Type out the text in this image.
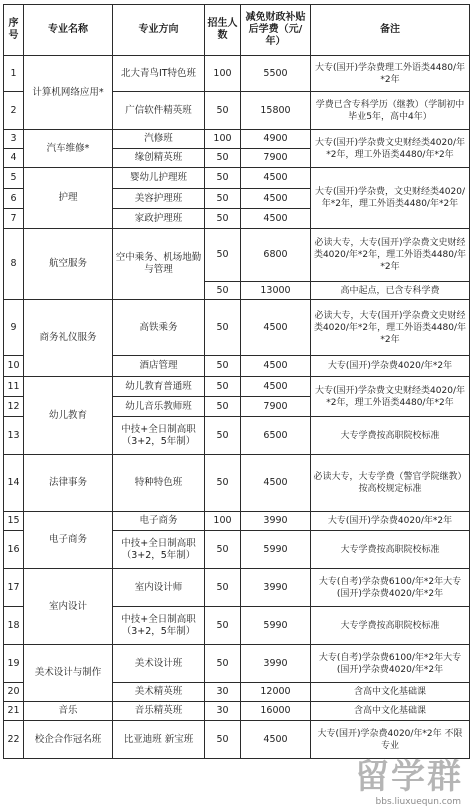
序号	专业名称	专业方向	招生人数	减免财政补贴后学费（元/年）	备注
1	计算机网络应用*	北大青鸟IT特色班	100	5500	大专(国开)学杂费理工外语类4480/年*2年
2		广信软件精英班	50	15800	学费已含专科学历（继教）（学制初中毕业5年，高中4年）
3	汽车维修*	汽修班	100	4900	大专(国开)学杂费文史财经类4020/年*2年，理工外语类4480/年*2年
4		缘创精英班	50	7900	
5	护理	婴幼儿护理班	50	4500	大专(国开)学杂费，文史财经类4020/年*2年，理工外语类4480/年*2年
6		美容护理班	50	4500	
7		家政护理班	50	4500	
8	航空服务	空中乘务、机场地勤与管理	50	6800	必读大专，大专(国开)学杂费文史财经类4020/年*2年，理工外语类4480/年*2年
			50	13000	高中起点，已含专科学费
9	商务礼仪服务	高铁乘务	50	4500	必读大专，大专(国开)学杂费文史财经类4020/年*2年，理工外语类4480/年*2年
10		酒店管理	50	4500	大专(国开)学杂费4020/年*2年
11	幼儿教育	幼儿教育普通班	50	4500	大专(国开)学杂费文史财经类4020/年*2年，理工外语类4480/年*2年
12		幼儿音乐教师班	50	7900	
13		中技+全日制高职（3+2，5年制）	50	6500	大专学费按高职院校标准
14	法律事务	特种特色班	50	4500	必读大专，大专学费（警官学院继教）按高校规定标准
15	电子商务	电子商务	100	3990	大专(国开)学杂费4020/年*2年
16		中技+全日制高职（3+2，5年制）	50	5990	大专学费按高职院校标准
17	室内设计	室内设计师	50	3990	大专(自考)学杂费6100/年*2年大专(国开)学杂费4020/年*2年
18		中技+全日制高职（3+2，5年制）	50	5990	大专学费按高职院校标准
19	美术设计与制作	美术设计班	50	3990	大专(自考)学杂费6100/年*2年大专(国开)学杂费4020/年*2年
20		美术精英班	30	12000	含高中文化基础课
21	音乐	音乐精英班	30	16000	含高中文化基础课
22	校企合作冠名班	比亚迪班 新宝班	50	4500	大专(国开)学杂费4020/年*2年 不限专业
留学群
bbs.liuxuequn.com
